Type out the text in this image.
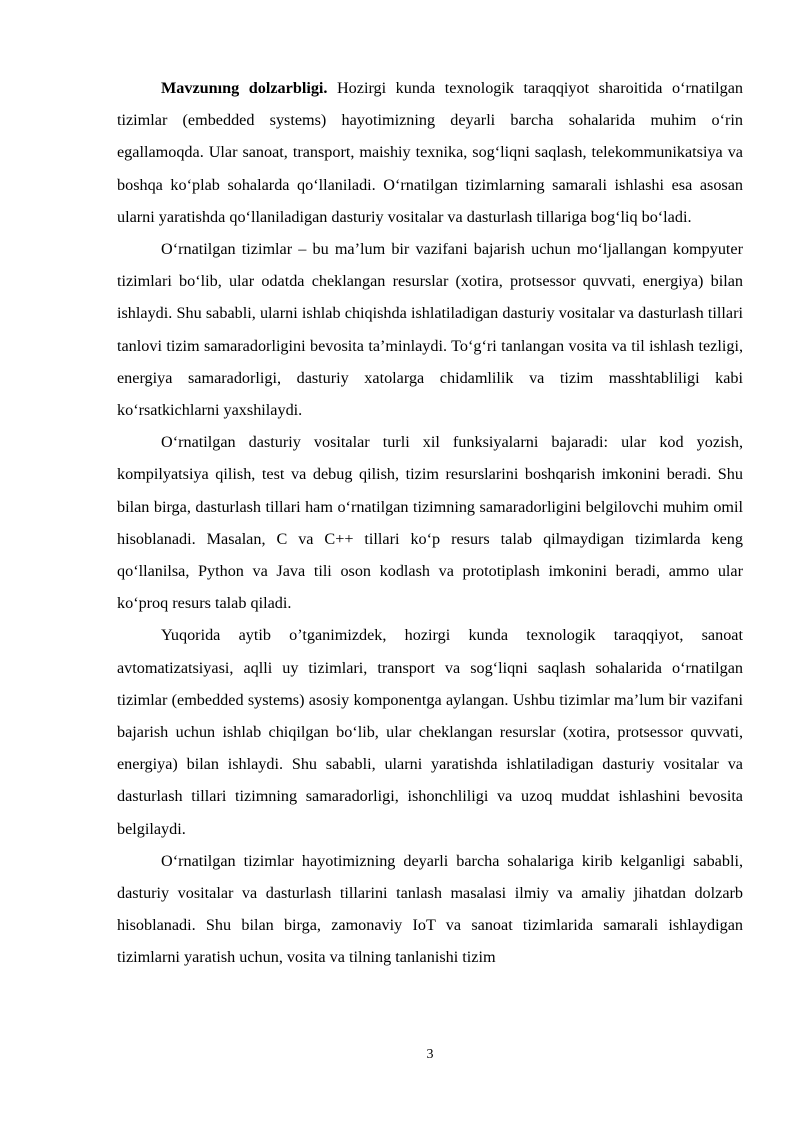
Mavzunıng dolzarbligi. Hozirgi kunda texnologik taraqqiyot sharoitida o‘rnatilgan tizimlar (embedded systems) hayotimizning deyarli barcha sohalarida muhim o‘rin egallamoqda. Ular sanoat, transport, maishiy texnika, sog‘liqni saqlash, telekommunikatsiya va boshqa ko‘plab sohalarda qo‘llaniladi. O‘rnatilgan tizimlarning samarali ishlashi esa asosan ularni yaratishda qo‘llaniladigan dasturiy vositalar va dasturlash tillariga bog‘liq bo‘ladi.

O‘rnatilgan tizimlar – bu ma’lum bir vazifani bajarish uchun mo‘ljallangan kompyuter tizimlari bo‘lib, ular odatda cheklangan resurslar (xotira, protsessor quvvati, energiya) bilan ishlaydi. Shu sababli, ularni ishlab chiqishda ishlatiladigan dasturiy vositalar va dasturlash tillari tanlovi tizim samaradorligini bevosita ta’minlaydi. To‘g‘ri tanlangan vosita va til ishlash tezligi, energiya samaradorligi, dasturiy xatolarga chidamlilik va tizim masshtabliligi kabi ko‘rsatkichlarni yaxshilaydi.

O‘rnatilgan dasturiy vositalar turli xil funksiyalarni bajaradi: ular kod yozish, kompilyatsiya qilish, test va debug qilish, tizim resurslarini boshqarish imkonini beradi. Shu bilan birga, dasturlash tillari ham o‘rnatilgan tizimning samaradorligini belgilovchi muhim omil hisoblanadi. Masalan, C va C++ tillari ko‘p resurs talab qilmaydigan tizimlarda keng qo‘llanilsa, Python va Java tili oson kodlash va prototiplash imkonini beradi, ammo ular ko‘proq resurs talab qiladi.

Yuqorida aytib o’tganimizdek, hozirgi kunda texnologik taraqqiyot, sanoat avtomatizatsiyasi, aqlli uy tizimlari, transport va sog‘liqni saqlash sohalarida o‘rnatilgan tizimlar (embedded systems) asosiy komponentga aylangan. Ushbu tizimlar ma’lum bir vazifani bajarish uchun ishlab chiqilgan bo‘lib, ular cheklangan resurslar (xotira, protsessor quvvati, energiya) bilan ishlaydi. Shu sababli, ularni yaratishda ishlatiladigan dasturiy vositalar va dasturlash tillari tizimning samaradorligi, ishonchliligi va uzoq muddat ishlashini bevosita belgilaydi.

O‘rnatilgan tizimlar hayotimizning deyarli barcha sohalariga kirib kelganligi sababli, dasturiy vositalar va dasturlash tillarini tanlash masalasi ilmiy va amaliy jihatdan dolzarb hisoblanadi. Shu bilan birga, zamonaviy IoT va sanoat tizimlarida samarali ishlaydigan tizimlarni yaratish uchun, vosita va tilning tanlanishi tizim

3
